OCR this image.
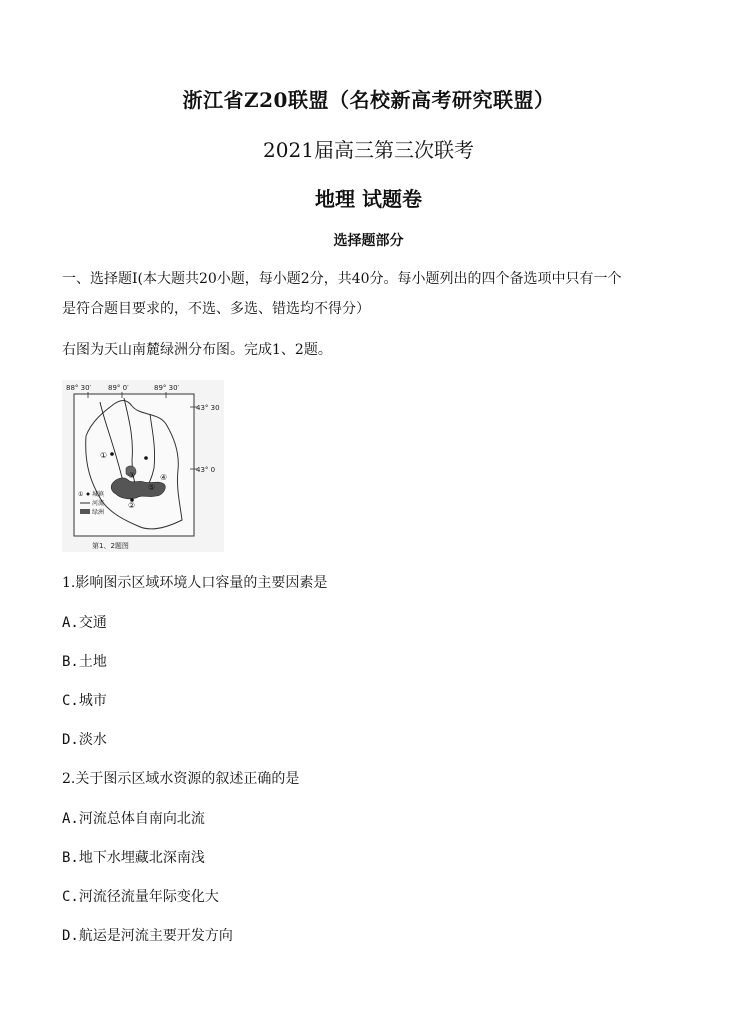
浙江省Z20联盟（名校新高考研究联盟）
2021届高三第三次联考
地理 试题卷
选择题部分
一、选择题I(本大题共20小题，每小题2分，共40分。每小题列出的四个备选项中只有一个
是符合题目要求的，不选、多选、错选均不得分）
右图为天山南麓绿洲分布图。完成1、2题。
88° 30′ 89° 0′	89° 30′
43° 30
43° 0
①
②
③	④
⑤
① 城镇
河流
绿洲
第1、2题图
1.影响图示区域环境人口容量的主要因素是
A.交通
B.土地
C.城市
D.淡水
2.关于图示区域水资源的叙述正确的是
A.河流总体自南向北流
B.地下水埋藏北深南浅
C.河流径流量年际变化大
D.航运是河流主要开发方向
